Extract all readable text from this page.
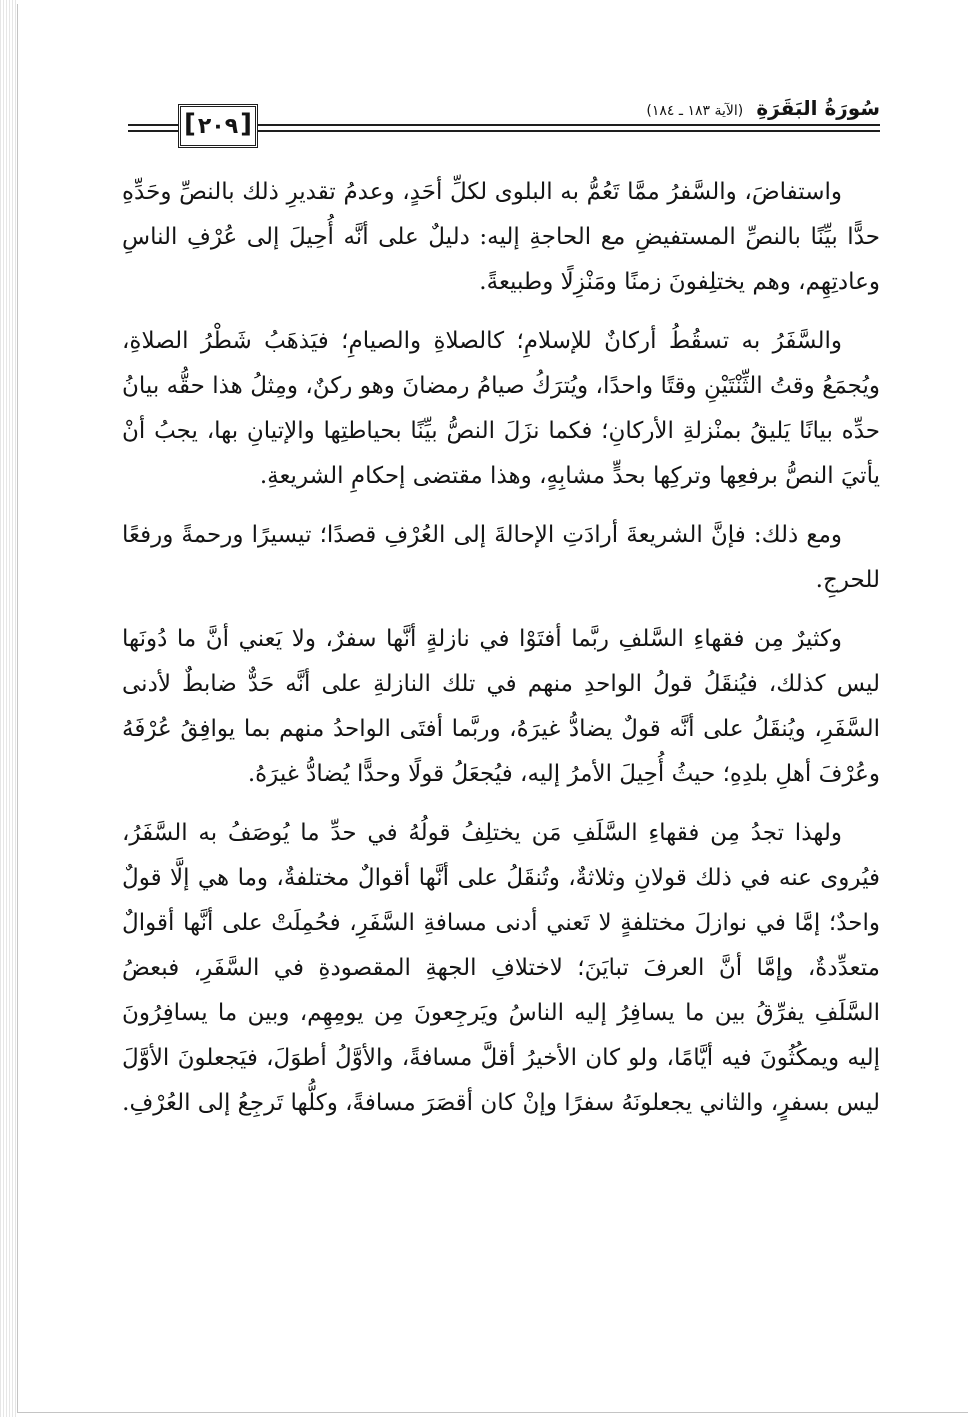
[ ٢٠٩ ]
سُورَةُ البَقَرَةِ (الآية ١٨٣ ـ ١٨٤)

واستفاضَ، والسَّفرُ ممَّا تَعُمُّ به البلوى لكلِّ أحَدٍ، وعدمُ تقديرِ ذلك بالنصِّ وحَدِّهِ حدًّا بيِّنًا بالنصِّ المستفيضِ مع الحاجةِ إليه: دليلٌ على أنَّه أُحِيلَ إلى عُرْفِ الناسِ وعادتِهِم، وهم يختلِفونَ زمنًا ومَنْزِلًا وطبيعةً.

والسَّفَرُ به تسقُطُ أركانٌ للإسلامِ؛ كالصلاةِ والصيامِ؛ فيَذهَبُ شَطْرُ الصلاةِ، ويُجمَعُ وقتُ الثِّنْتَيْنِ وقتًا واحدًا، ويُترَكُ صيامُ رمضانَ وهو ركنٌ، ومِثلُ هذا حقُّه بيانُ حدِّه بيانًا يَليقُ بمنْزلةِ الأركانِ؛ فكما نزَلَ النصُّ بيِّنًا بحياطتِها والإتيانِ بها، يجبُ أنْ يأتيَ النصُّ برفعِها وتركِها بحدٍّ مشابِهٍ، وهذا مقتضى إحكامِ الشريعةِ.

ومع ذلك: فإنَّ الشريعةَ أرادَتِ الإحالةَ إلى العُرْفِ قصدًا؛ تيسيرًا ورحمةً ورفعًا للحرجِ.

وكثيرٌ مِن فقهاءِ السَّلفِ ربَّما أفتَوْا في نازلةٍ أنَّها سفرٌ، ولا يَعني أنَّ ما دُونَها ليس كذلك، فيُنقَلُ قولُ الواحدِ منهم في تلك النازلةِ على أنَّه حَدٌّ ضابطٌ لأدنى السَّفَرِ، ويُنقَلُ على أنَّه قولٌ يضادُّ غيرَهُ، وربَّما أفتَى الواحدُ منهم بما يوافِقُ عُرْفَهُ وعُرْفَ أهلِ بلدِهِ؛ حيثُ أُحِيلَ الأمرُ إليه، فيُجعَلُ قولًا وحدًّا يُضادُّ غيرَهُ.

ولهذا تجدُ مِن فقهاءِ السَّلَفِ مَن يختلِفُ قولُهُ في حدِّ ما يُوصَفُ به السَّفَرُ، فيُروى عنه في ذلك قولانِ وثلاثةٌ، وتُنقَلُ على أنَّها أقوالٌ مختلفةٌ، وما هي إلَّا قولٌ واحدٌ؛ إمَّا في نوازلَ مختلفةٍ لا تَعني أدنى مسافةِ السَّفَرِ، فحُمِلَتْ على أنَّها أقوالٌ متعدِّدةٌ، وإمَّا أنَّ العرفَ تبايَنَ؛ لاختلافِ الجهةِ المقصودةِ في السَّفَرِ، فبعضُ السَّلَفِ يفرِّقُ بين ما يسافِرُ إليه الناسُ ويَرجِعونَ مِن يومِهِم، وبين ما يسافِرُونَ إليه ويمكُثُونَ فيه أيَّامًا، ولو كان الأخيرُ أقلَّ مسافةً، والأوَّلُ أطوَلَ، فيَجعلونَ الأوَّلَ ليس بسفرٍ، والثاني يجعلونَهُ سفرًا وإنْ كان أقصَرَ مسافةً، وكلُّها تَرجِعُ إلى العُرْفِ.
